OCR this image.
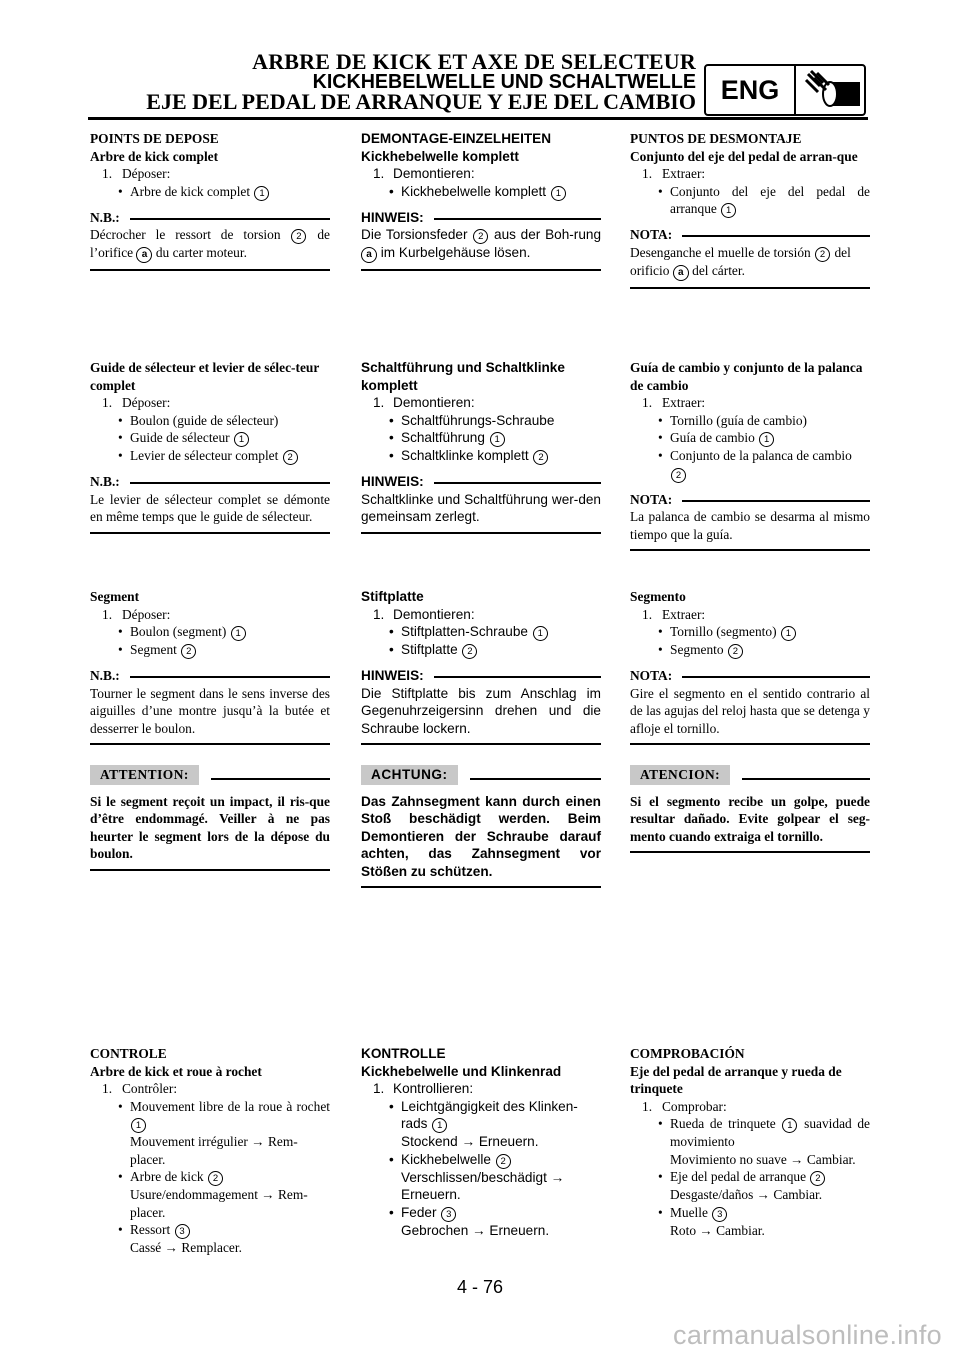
ARBRE DE KICK ET AXE DE SELECTEUR
KICKHEBELWELLE UND SCHALTWELLE
EJE DEL PEDAL DE ARRANQUE Y EJE DEL CAMBIO ENG

POINTS DE DEPOSE

Arbre de kick complet

1. Déposer:

• Arbre de kick complet 1

N.B.:

Décrocher le ressort de torsion 2 de l’orifice a du carter moteur.

Guide de sélecteur et levier de sélec-teur complet

1. Déposer:

• Boulon (guide de sélecteur)

• Guide de sélecteur 1

• Levier de sélecteur complet 2

N.B.:

Le levier de sélecteur complet se démonte en même temps que le guide de sélecteur.

Segment

1. Déposer:

• Boulon (segment) 1

• Segment 2

N.B.:

Tourner le segment dans le sens inverse des aiguilles d’une montre jusqu’à la butée et desserrer le boulon.

ATTENTION:

Si le segment reçoit un impact, il ris-que d’être endommagé. Veiller à ne pas heurter le segment lors de la dépose du boulon.

CONTROLE

Arbre de kick et roue à rochet

1. Contrôler:

• Mouvement libre de la roue à rochet 1

Mouvement irrégulier → Rem-placer.

• Arbre de kick 2

Usure/endommagement → Rem-placer.

• Ressort 3

Cassé → Remplacer.

DEMONTAGE-EINZELHEITEN

Kickhebelwelle komplett

1. Demontieren:

• Kickhebelwelle komplett 1

HINWEIS:

Die Torsionsfeder 2 aus der Boh-rung a im Kurbelgehäuse lösen.

Schaltführung und Schaltklinke komplett

1. Demontieren:

• Schaltführungs-Schraube

• Schaltführung 1

• Schaltklinke komplett 2

HINWEIS:

Schaltklinke und Schaltführung wer-den gemeinsam zerlegt.

Stiftplatte

1. Demontieren:

• Stiftplatten-Schraube 1

• Stiftplatte 2

HINWEIS:

Die Stiftplatte bis zum Anschlag im Gegenuhrzeigersinn drehen und die Schraube lockern.

ACHTUNG:

Das Zahnsegment kann durch einen Stoß beschädigt werden. Beim Demontieren der Schraube darauf achten, das Zahnsegment vor Stößen zu schützen.

KONTROLLE

Kickhebelwelle und Klinkenrad

1. Kontrollieren:

• Leichtgängigkeit des Klinken-rads 1

Stockend → Erneuern.

• Kickhebelwelle 2

Verschlissen/beschädigt → Erneuern.

• Feder 3

Gebrochen → Erneuern.

PUNTOS DE DESMONTAJE

Conjunto del eje del pedal de arran-que

1. Extraer:

• Conjunto del eje del pedal de arranque 1

NOTA:

Desenganche el muelle de torsión 2 del orificio a del cárter.

Guía de cambio y conjunto de la palanca de cambio

1. Extraer:

• Tornillo (guía de cambio)

• Guía de cambio 1

• Conjunto de la palanca de cambio 2

NOTA:

La palanca de cambio se desarma al mismo tiempo que la guía.

Segmento

1. Extraer:

• Tornillo (segmento) 1

• Segmento 2

NOTA:

Gire el segmento en el sentido contrario al de las agujas del reloj hasta que se detenga y afloje el tornillo.

ATENCION:

Si el segmento recibe un golpe, puede resultar dañado. Evite golpear el seg-mento cuando extraiga el tornillo.

COMPROBACIÓN

Eje del pedal de arranque y rueda de trinquete

1. Comprobar:

• Rueda de trinquete 1 suavidad de movimiento

Movimiento no suave → Cambiar.

• Eje del pedal de arranque 2

Desgaste/daños → Cambiar.

• Muelle 3

Roto → Cambiar.

4 - 76
carmanualsonline.info
